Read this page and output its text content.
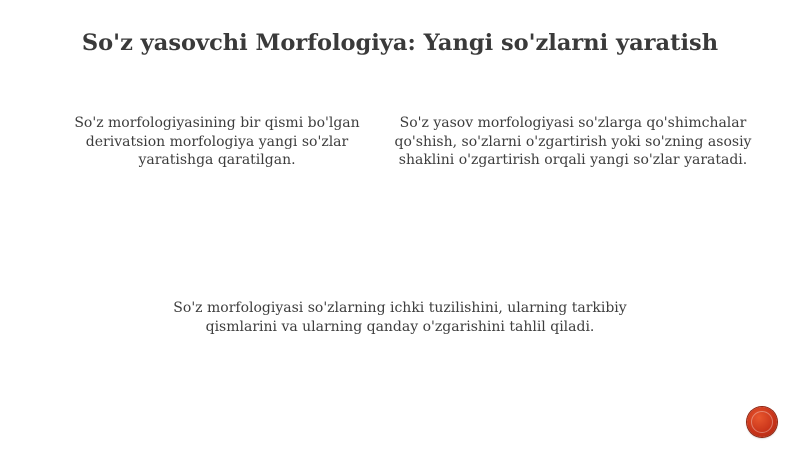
So'z yasovchi Morfologiya: Yangi so'zlarni yaratish
So'z morfologiyasining bir qismi bo'lgan derivatsion morfologiya yangi so'zlar yaratishga qaratilgan.
So'z yasov morfologiyasi so'zlarga qo'shimchalar qo'shish, so'zlarni o'zgartirish yoki so'zning asosiy shaklini o'zgartirish orqali yangi so'zlar yaratadi.
So'z morfologiyasi so'zlarning ichki tuzilishini, ularning tarkibiy qismlarini va ularning qanday o'zgarishini tahlil qiladi.
